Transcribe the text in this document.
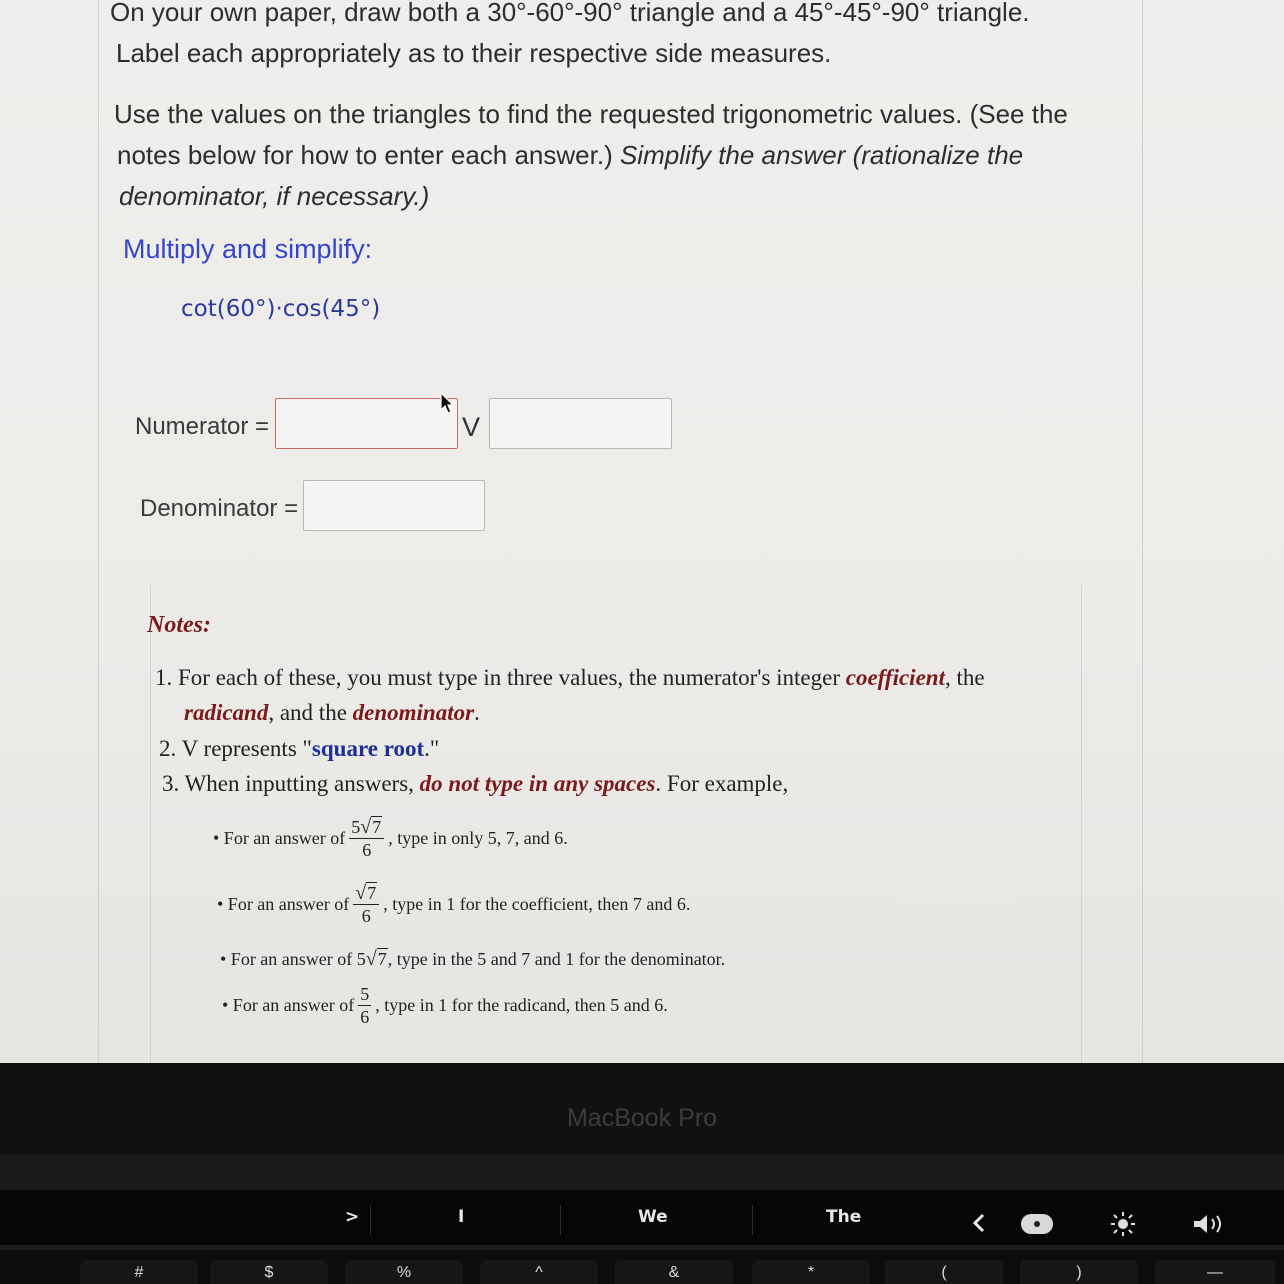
On your own paper, draw both a 30°-60°-90° triangle and a 45°-45°-90° triangle.
Label each appropriately as to their respective side measures.
Use the values on the triangles to find the requested trigonometric values. (See the
notes below for how to enter each answer.) Simplify the answer (rationalize the
denominator, if necessary.)
Multiply and simplify:
cot(60°)·cos(45°)
Numerator =	V
Denominator =
Notes:
1. For each of these, you must type in three values, the numerator's integer coefficient, the
radicand, and the denominator.
2. V represents "square root."
3. When inputting answers, do not type in any spaces. For example,
• For an answer of $\frac{5√7}{6}$ , type in only 5, 7, and 6.
• For an answer of $\frac{√7}{6}$ , type in 1 for the coefficient, then 7 and 6.
• For an answer of 5 √7 , type in the 5 and 7 and 1 for the denominator.
• For an answer of $\frac{5}{6}$ , type in 1 for the radicand, then 5 and 6.
MacBook Pro
>	I	We	The
#	$	%	^	&	*	(	)	—
